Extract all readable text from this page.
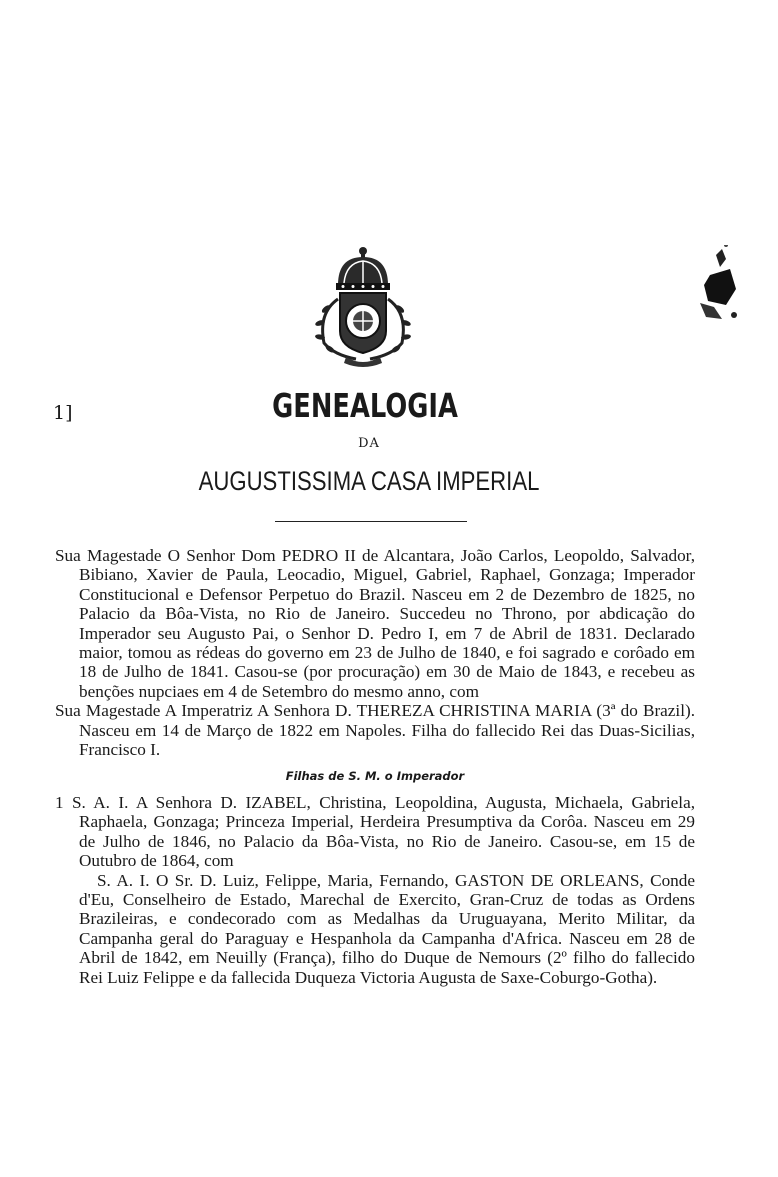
1]	GENEALOGIA
DA
AUGUSTISSIMA CASA IMPERIAL

Sua Magestade O Senhor Dom PEDRO II de Alcantara, João Carlos, Leopoldo, Salvador, Bibiano, Xavier de Paula, Leocadio, Miguel, Gabriel, Raphael, Gonzaga; Imperador Constitucional e Defensor Perpetuo do Brazil. Nasceu em 2 de Dezembro de 1825, no Palacio da Bôa-Vista, no Rio de Janeiro. Succedeu no Throno, por abdicação do Imperador seu Augusto Pai, o Senhor D. Pedro I, em 7 de Abril de 1831. Declarado maior, tomou as rédeas do governo em 23 de Julho de 1840, e foi sagrado e corôado em 18 de Julho de 1841. Casou-se (por procuração) em 30 de Maio de 1843, e recebeu as benções nupciaes em 4 de Setembro do mesmo anno, com

Sua Magestade A Imperatriz A Senhora D. THEREZA CHRISTINA MARIA (3ª do Brazil). Nasceu em 14 de Março de 1822 em Napoles. Filha do fallecido Rei das Duas-Sicilias, Francisco I.

Filhas de S. M. o Imperador

1 S. A. I. A Senhora D. IZABEL, Christina, Leopoldina, Augusta, Michaela, Gabriela, Raphaela, Gonzaga; Princeza Imperial, Herdeira Presumptiva da Corôa. Nasceu em 29 de Julho de 1846, no Palacio da Bôa-Vista, no Rio de Janeiro. Casou-se, em 15 de Outubro de 1864, com

S. A. I. O Sr. D. Luiz, Felippe, Maria, Fernando, GASTON DE ORLEANS, Conde d'Eu, Conselheiro de Estado, Marechal de Exercito, Gran-Cruz de todas as Ordens Brazileiras, e condecorado com as Medalhas da Uruguayana, Merito Militar, da Campanha geral do Paraguay e Hespanhola da Campanha d'Africa. Nasceu em 28 de Abril de 1842, em Neuilly (França), filho do Duque de Nemours (2º filho do fallecido Rei Luiz Felippe e da fallecida Duqueza Victoria Augusta de Saxe-Coburgo-Gotha).
